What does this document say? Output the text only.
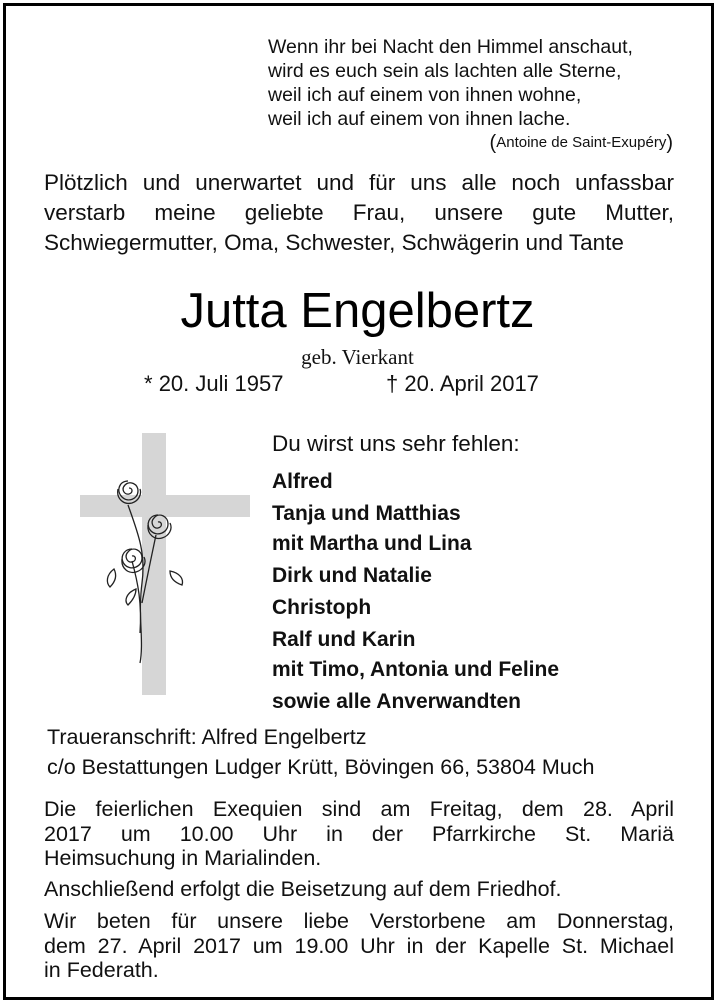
Wenn ihr bei Nacht den Himmel anschaut,
wird es euch sein als lachten alle Sterne,
weil ich auf einem von ihnen wohne,
weil ich auf einem von ihnen lache.
(Antoine de Saint-Exupéry)
Plötzlich und unerwartet und für uns alle noch unfassbar
verstarb meine geliebte Frau, unsere gute Mutter,
Schwiegermutter, Oma, Schwester, Schwägerin und Tante
Jutta Engelbertz
geb. Vierkant
* 20. Juli 1957	† 20. April 2017
Du wirst uns sehr fehlen:
Alfred
Tanja und Matthias
mit Martha und Lina
Dirk und Natalie
Christoph
Ralf und Karin
mit Timo, Antonia und Feline
sowie alle Anverwandten
Traueranschrift: Alfred Engelbertz
c/o Bestattungen Ludger Krütt, Bövingen 66, 53804 Much
Die feierlichen Exequien sind am Freitag, dem 28. April
2017 um 10.00 Uhr in der Pfarrkirche St. Mariä
Heimsuchung in Marialinden.
Anschließend erfolgt die Beisetzung auf dem Friedhof.
Wir beten für unsere liebe Verstorbene am Donnerstag,
dem 27. April 2017 um 19.00 Uhr in der Kapelle St. Michael
in Federath.
